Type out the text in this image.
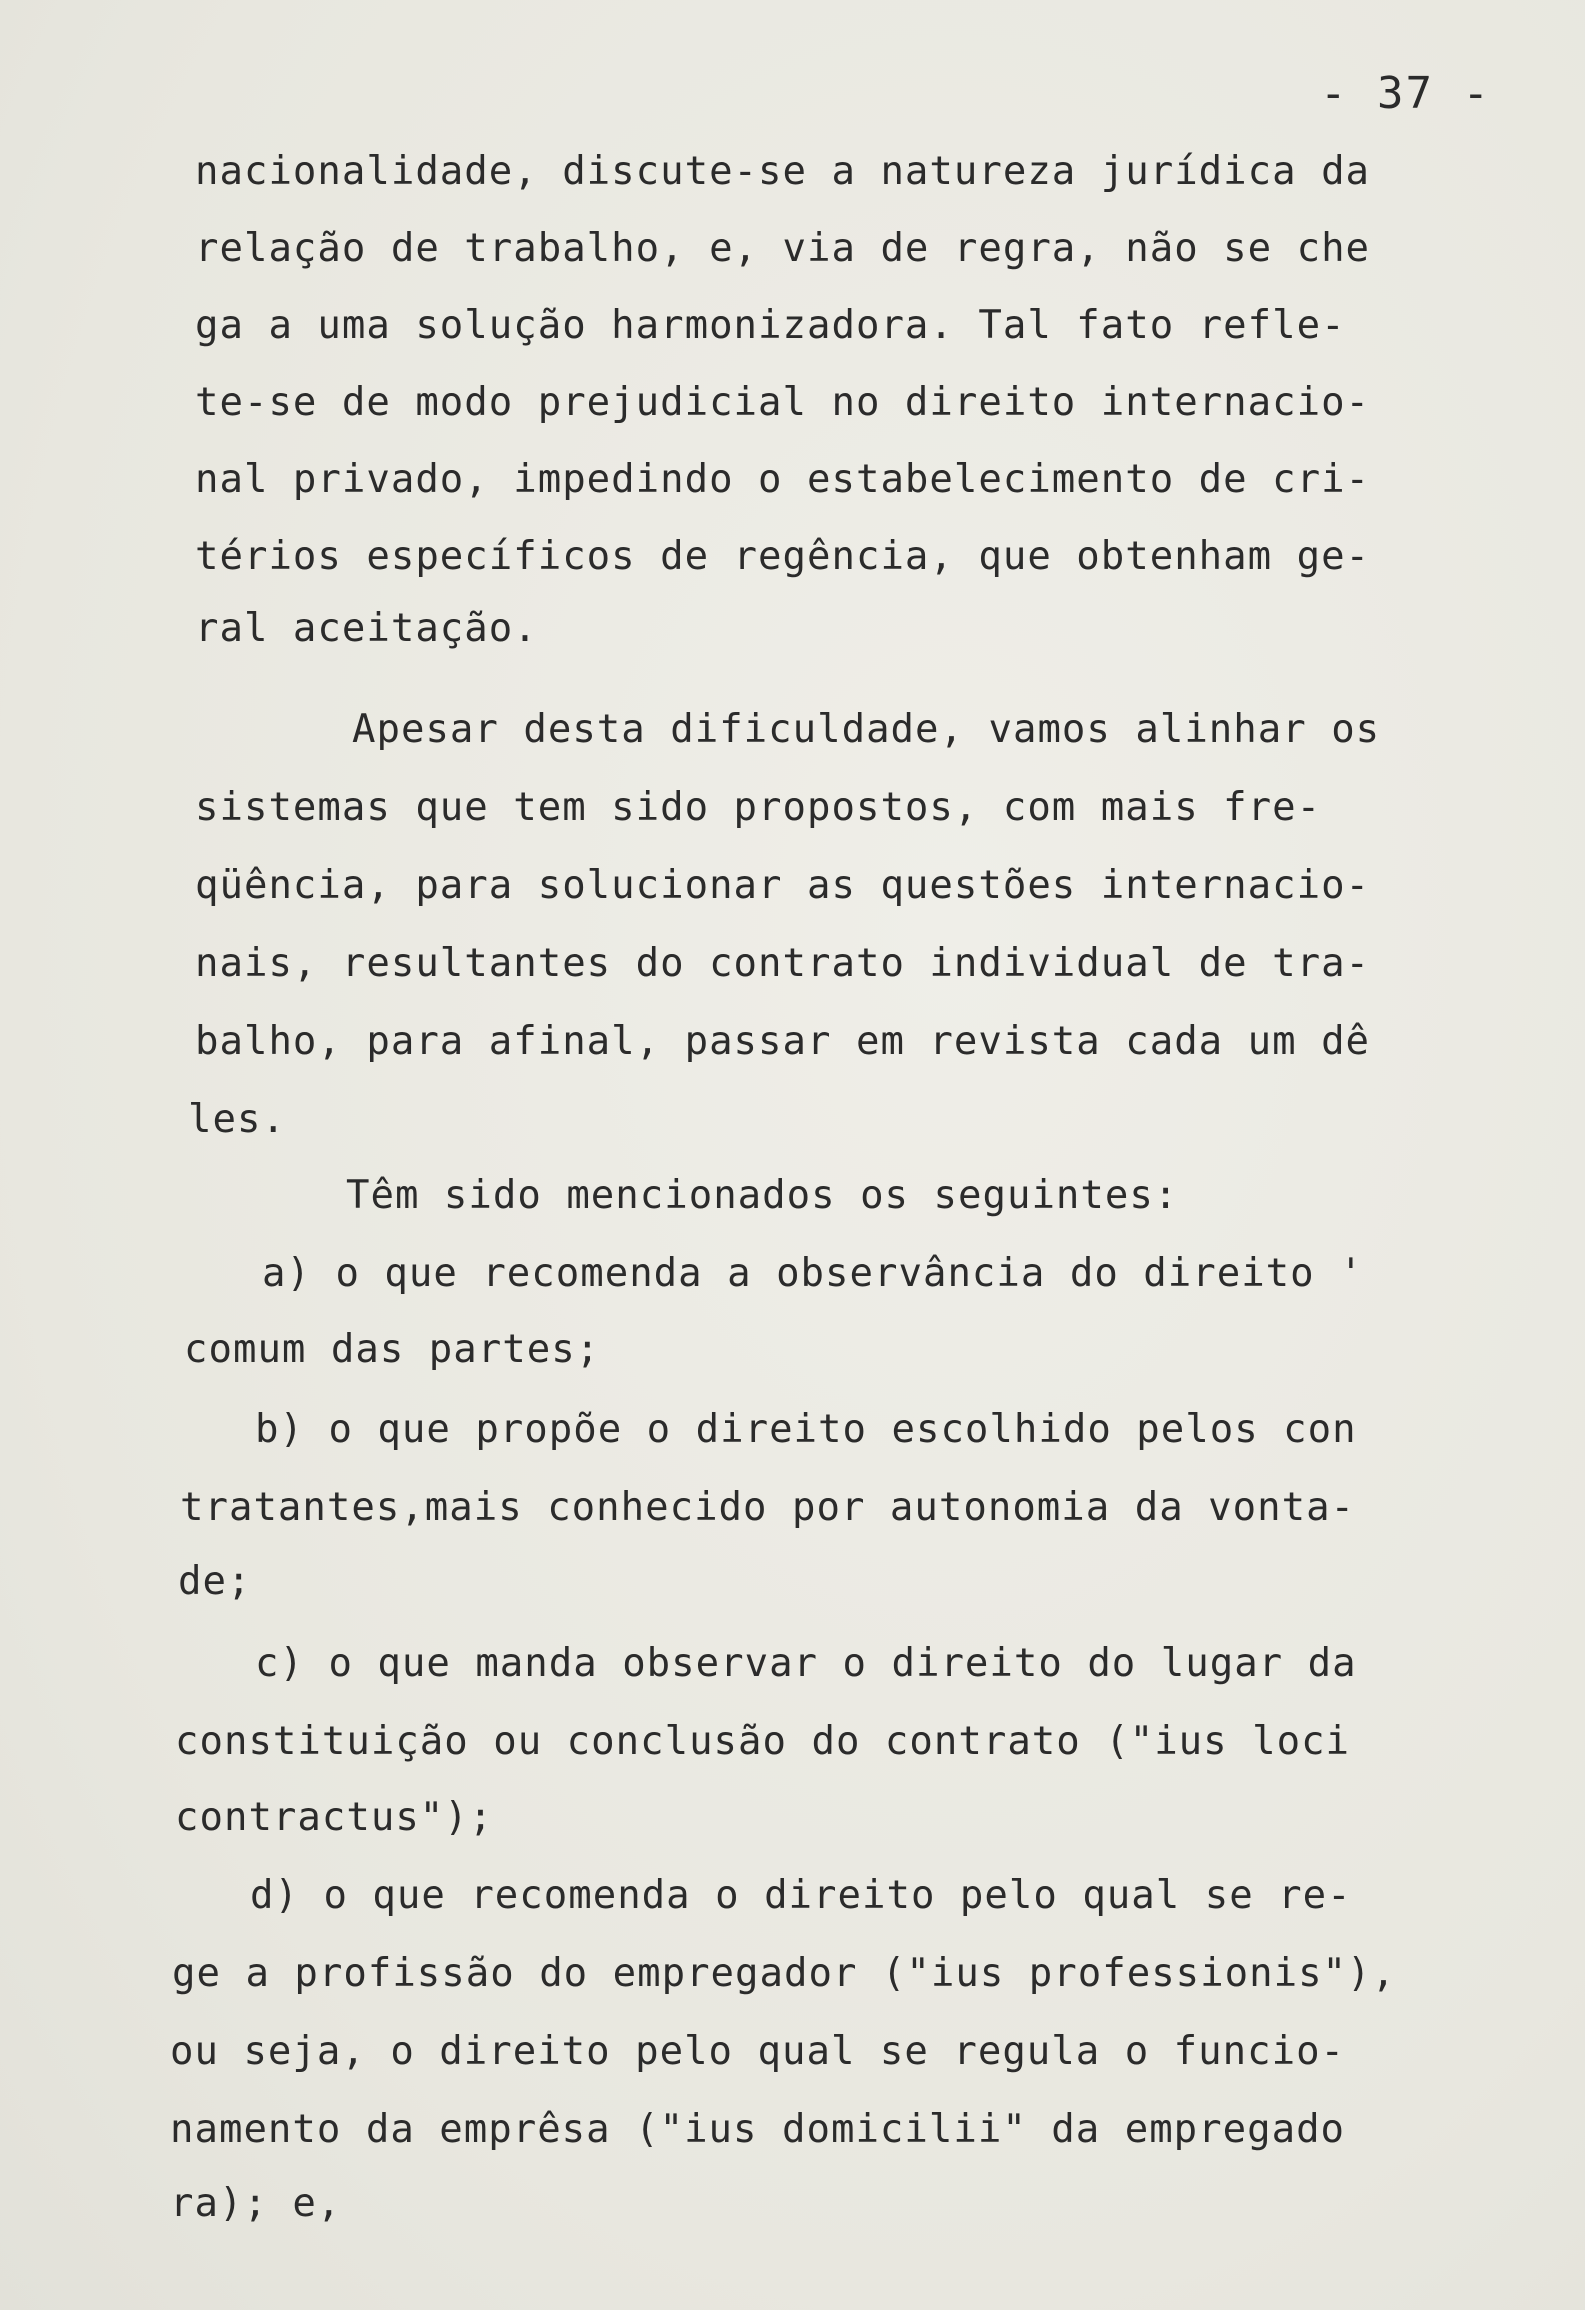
- 37 -
nacionalidade, discute-se a natureza jurídica da
relação de trabalho, e, via de regra, não se che
ga a uma solução harmonizadora. Tal fato refle-
te-se de modo prejudicial no direito internacio-
nal privado, impedindo o estabelecimento de cri-
térios específicos de regência, que obtenham ge-
ral aceitação.
Apesar desta dificuldade, vamos alinhar os
sistemas que tem sido propostos, com mais fre-
qüência, para solucionar as questões internacio-
nais, resultantes do contrato individual de tra-
balho, para afinal, passar em revista cada um dê
les.
Têm sido mencionados os seguintes:
a) o que recomenda a observância do direito '
comum das partes;
b) o que propõe o direito escolhido pelos con
tratantes,mais conhecido por autonomia da vonta-
de;
c) o que manda observar o direito do lugar da
constituição ou conclusão do contrato ("ius loci
contractus");
d) o que recomenda o direito pelo qual se re-
ge a profissão do empregador ("ius professionis"),
ou seja, o direito pelo qual se regula o funcio-
namento da emprêsa ("ius domicilii" da empregado
ra); e,
